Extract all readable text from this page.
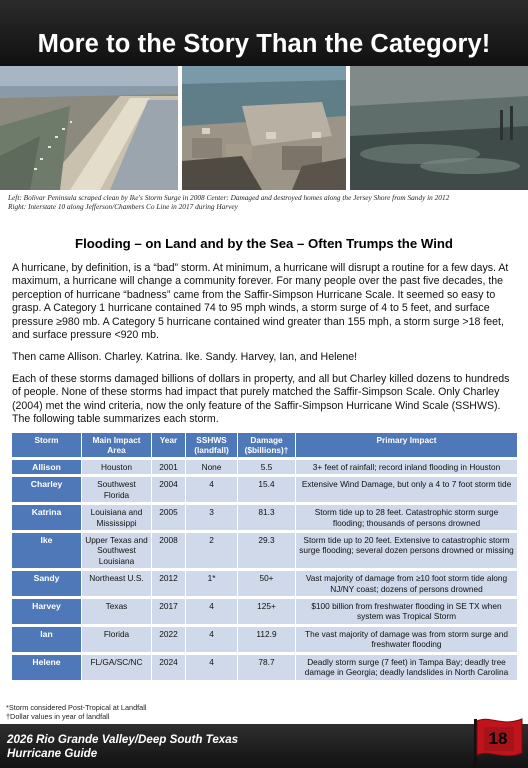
More to the Story Than the Category!
Left: Bolivar Peninsula scraped clean by Ike's Storm Surge in 2008 Center: Damaged and destroyed homes along the Jersey Shore from Sandy in 2012
Right: Interstate 10 along Jefferson/Chambers Co Line in 2017 during Harvey
Flooding – on Land and by the Sea – Often Trumps the Wind

A hurricane, by definition, is a “bad” storm. At minimum, a hurricane will disrupt a routine for a few days. At maximum, a hurricane will change a community forever. For many people over the past five decades, the perception of hurricane “badness” came from the Saffir-Simpson Hurricane Scale. It seemed so easy to grasp. A Category 1 hurricane contained 74 to 95 mph winds, a storm surge of 4 to 5 feet, and surface pressure ≥980 mb. A Category 5 hurricane contained wind greater than 155 mph, a storm surge >18 feet, and surface pressure <920 mb.

Then came Allison. Charley. Katrina. Ike. Sandy. Harvey, Ian, and Helene!

Each of these storms damaged billions of dollars in property, and all but Charley killed dozens to hundreds of people. None of these storms had impact that purely matched the Saffir-Simpson Scale. Only Charley (2004) met the wind criteria, now the only feature of the Saffir-Simpson Hurricane Wind Scale (SSHWS). The following table summarizes each storm.

Storm	Main Impact Area	Year	SSHWS (landfall)	Damage ($billions)†	Primary Impact
Allison	Houston	2001	None	5.5	3+ feet of rainfall; record inland flooding in Houston
Charley	Southwest Florida	2004	4	15.4	Extensive Wind Damage, but only a 4 to 7 foot storm tide
Katrina	Louisiana and Mississippi	2005	3	81.3	Storm tide up to 28 feet. Catastrophic storm surge flooding; thousands of persons drowned
Ike	Upper Texas and Southwest Louisiana	2008	2	29.3	Storm tide up to 20 feet. Extensive to catastrophic storm surge flooding; several dozen persons drowned or missing
Sandy	Northeast U.S.	2012	1*	50+	Vast majority of damage from ≥10 foot storm tide along NJ/NY coast; dozens of persons drowned
Harvey	Texas	2017	4	125+	$100 billion from freshwater flooding in SE TX when system was Tropical Storm
Ian	Florida	2022	4	112.9	The vast majority of damage was from storm surge and freshwater flooding
Helene	FL/GA/SC/NC	2024	4	78.7	Deadly storm surge (7 feet) in Tampa Bay; deadly tree damage in Georgia; deadly landslides in North Carolina
*Storm considered Post-Tropical at Landfall
†Dollar values in year of landfall
2026 Rio Grande Valley/Deep South Texas
Hurricane Guide
18
